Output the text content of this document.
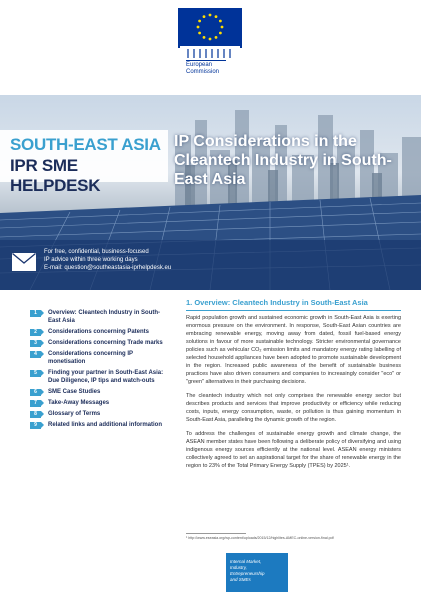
European
Commission
SOUTH-EAST ASIA
IPR SME HELPDESK
IP Considerations in the Cleantech Industry in South-East Asia
For free, confidential, business-focused
IP advice within three working days
E-mail: question@southeastasia-iprhelpdesk.eu
1	Overview: Cleantech Industry in South-East Asia
2	Considerations concerning Patents
3	Considerations concerning Trade marks
4	Considerations concerning IP monetisation
5	Finding your partner in South-East Asia: Due Diligence, IP tips and watch-outs
6	SME Case Studies
7	Take-Away Messages
8	Glossary of Terms
9	Related links and additional information
1. Overview: Cleantech Industry in South-East Asia

Rapid population growth and sustained economic growth in South-East Asia is exerting enormous pressure on the environment. In response, South-East Asian countries are embracing renewable energy, moving away from dated, fossil fuel-based energy solutions in favour of more sustainable technology. Stricter environmental governance policies such as vehicular CO₂ emission limits and mandatory energy rating labelling of selected household appliances have been adopted to promote sustainable development in the region. Increased public awareness of the benefit of sustainable business practices have also driven consumers and companies to increasingly consider "eco" or "green" alternatives in their purchasing decisions.

The cleantech industry which not only comprises the renewable energy sector but describes products and services that improve productivity or efficiency while reducing costs, inputs, energy consumption, waste, or pollution is thus gaining momentum in South-East Asia, paralleling the dynamic growth of the region.

To address the challenges of sustainable energy growth and climate change, the ASEAN member states have been following a deliberate policy of diversifying and using indigenous energy sources efficiently at the national level. ASEAN energy ministers collectively agreed to set an aspirational target for the share of renewable energy in the region to 23% of the Total Primary Energy Supply (TPES) by 2025¹.

¹ http://www.eseasia.org/wp-content/uploads/2015/12/highlites-AMEC-online-version-final.pdf
Internal Market,
Industry,
Entrepreneurship
and SMEs
